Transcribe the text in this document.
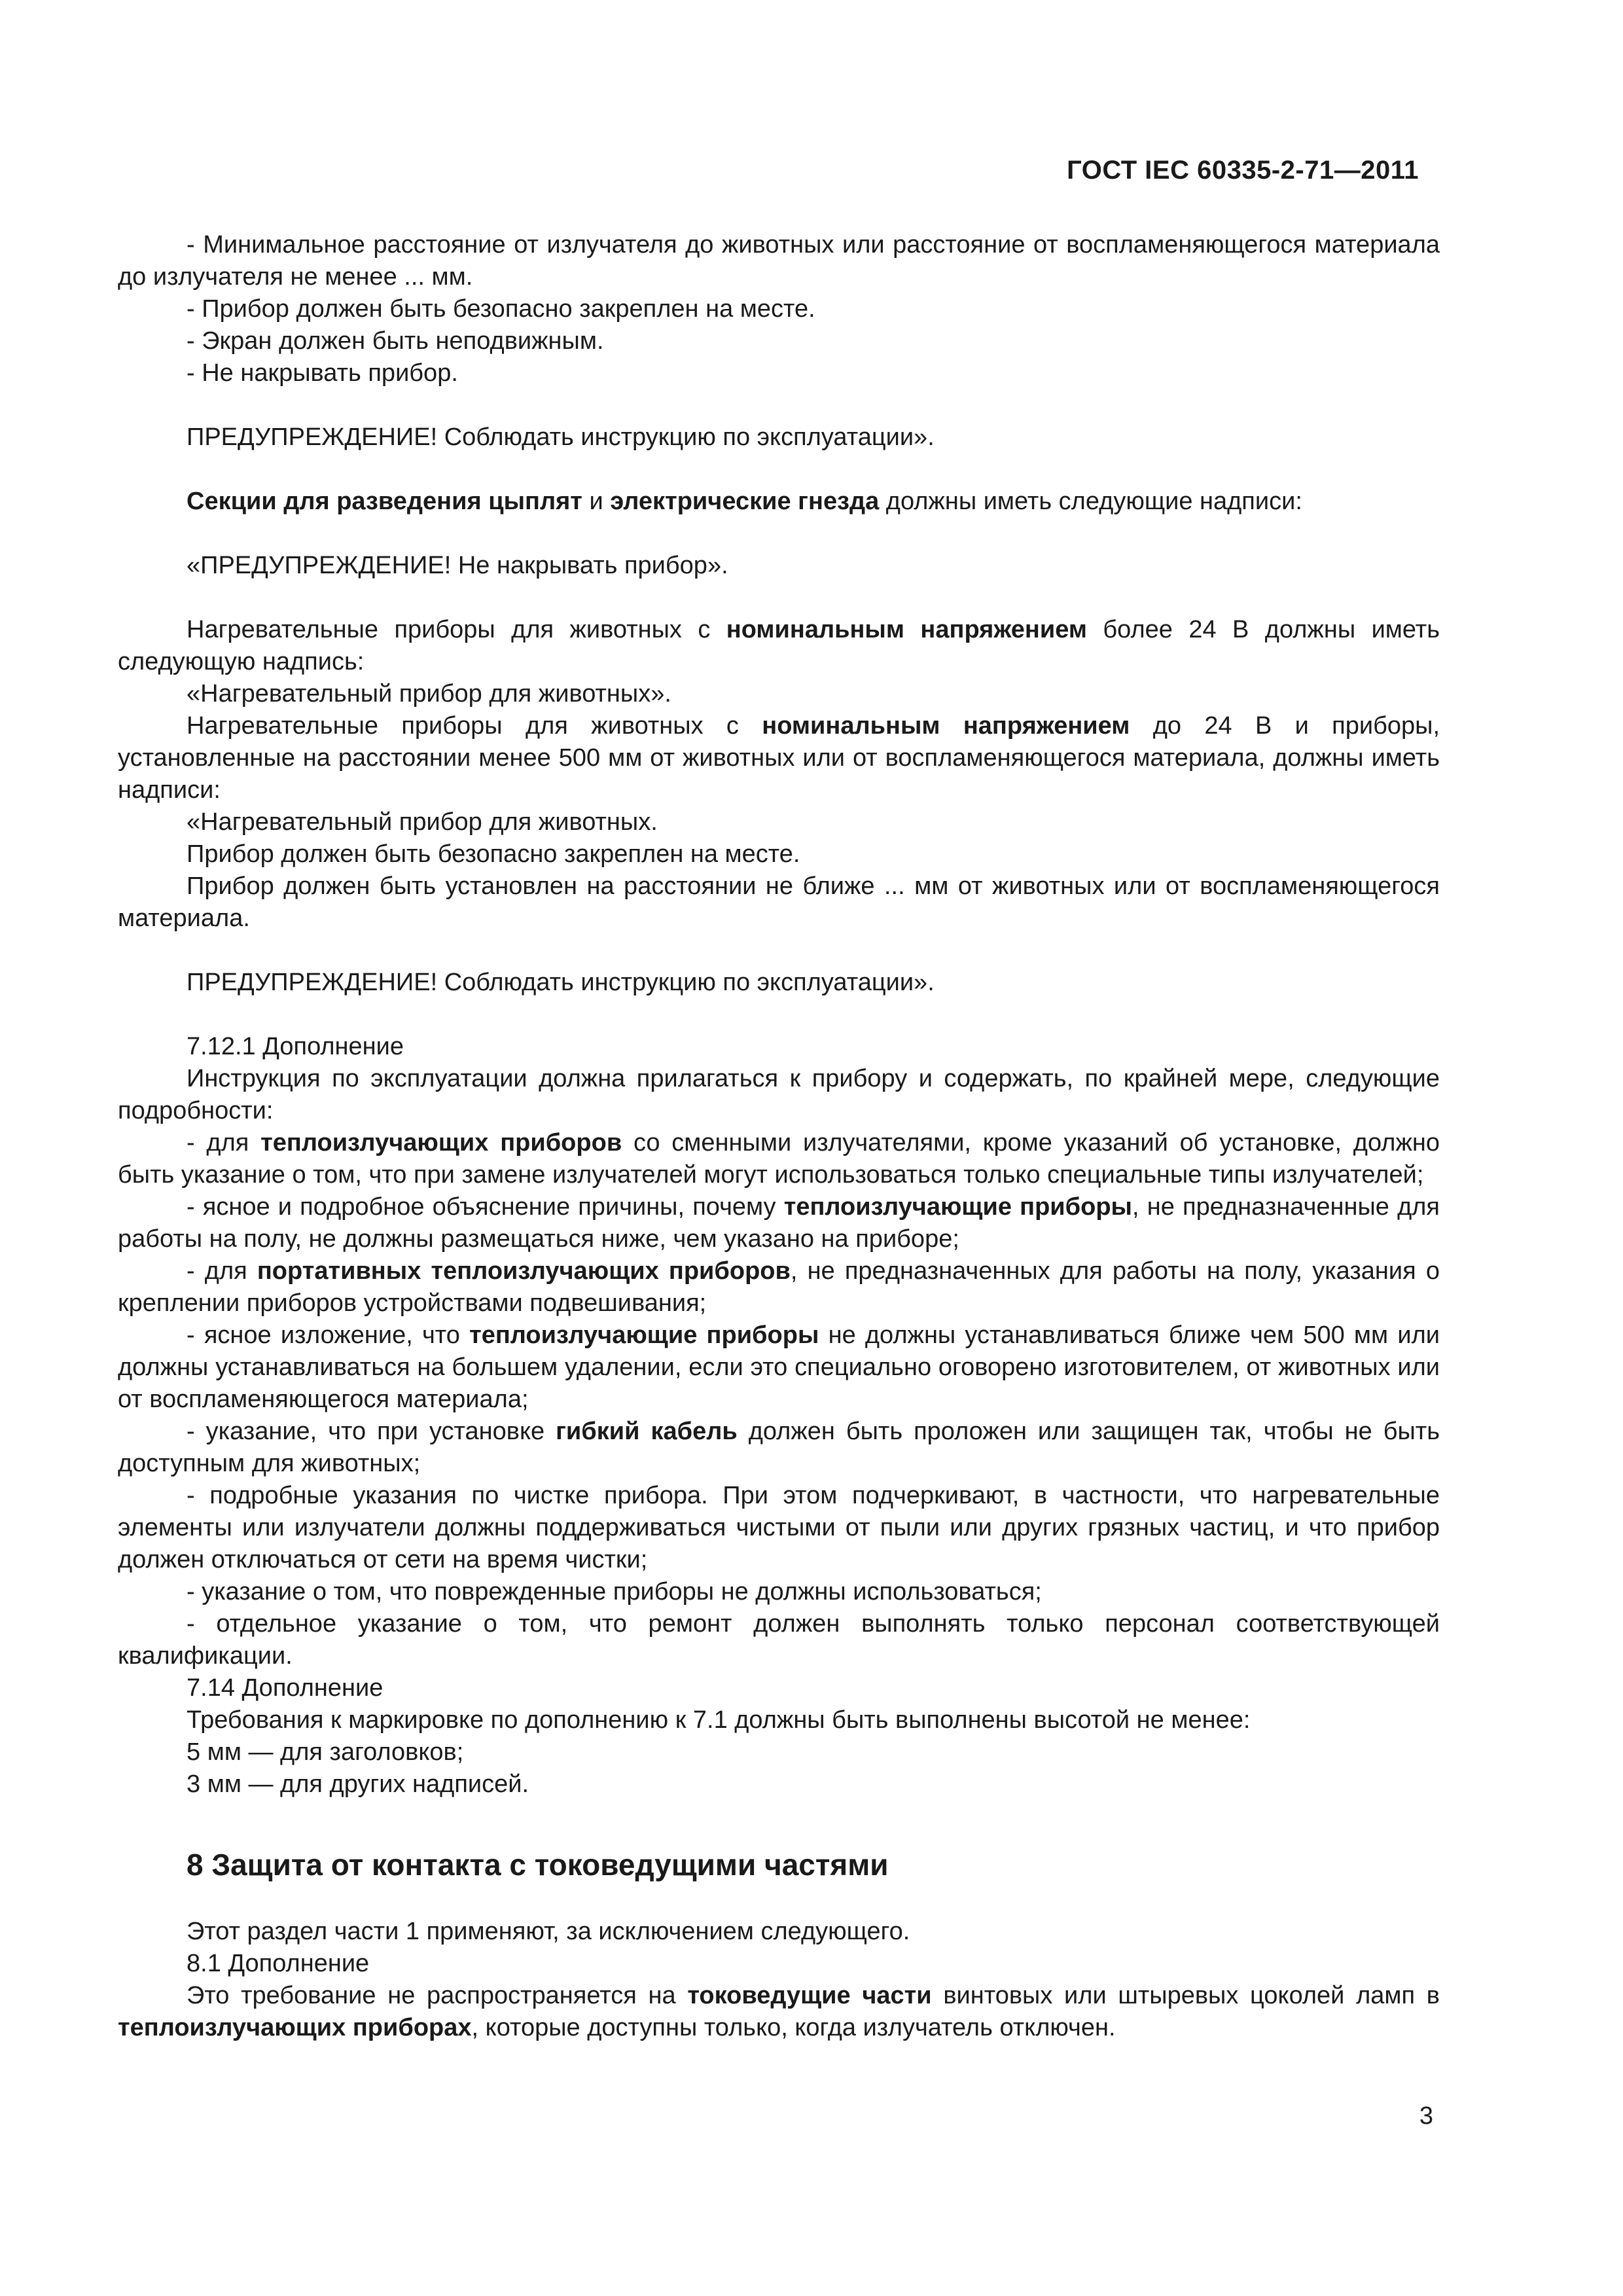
ГОСТ IEC 60335-2-71—2011

- Минимальное расстояние от излучателя до животных или расстояние от воспламеняющегося материала до излучателя не менее ... мм.

- Прибор должен быть безопасно закреплен на месте.

- Экран должен быть неподвижным.

- Не накрывать прибор.

ПРЕДУПРЕЖДЕНИЕ! Соблюдать инструкцию по эксплуатации».

Секции для разведения цыплят и электрические гнезда должны иметь следующие надписи:

«ПРЕДУПРЕЖДЕНИЕ! Не накрывать прибор».

Нагревательные приборы для животных с номинальным напряжением более 24 В должны иметь следующую надпись:

«Нагревательный прибор для животных».

Нагревательные приборы для животных с номинальным напряжением до 24 В и приборы, установленные на расстоянии менее 500 мм от животных или от воспламеняющегося материала, должны иметь надписи:

«Нагревательный прибор для животных.

Прибор должен быть безопасно закреплен на месте.

Прибор должен быть установлен на расстоянии не ближе ... мм от животных или от воспламеняющегося материала.

ПРЕДУПРЕЖДЕНИЕ! Соблюдать инструкцию по эксплуатации».

7.12.1 Дополнение

Инструкция по эксплуатации должна прилагаться к прибору и содержать, по крайней мере, следующие подробности:

- для теплоизлучающих приборов со сменными излучателями, кроме указаний об установке, должно быть указание о том, что при замене излучателей могут использоваться только специальные типы излучателей;

- ясное и подробное объяснение причины, почему теплоизлучающие приборы, не предназначенные для работы на полу, не должны размещаться ниже, чем указано на приборе;

- для портативных теплоизлучающих приборов, не предназначенных для работы на полу, указания о креплении приборов устройствами подвешивания;

- ясное изложение, что теплоизлучающие приборы не должны устанавливаться ближе чем 500 мм или должны устанавливаться на большем удалении, если это специально оговорено изготовителем, от животных или от воспламеняющегося материала;

- указание, что при установке гибкий кабель должен быть проложен или защищен так, чтобы не быть доступным для животных;

- подробные указания по чистке прибора. При этом подчеркивают, в частности, что нагревательные элементы или излучатели должны поддерживаться чистыми от пыли или других грязных частиц, и что прибор должен отключаться от сети на время чистки;

- указание о том, что поврежденные приборы не должны использоваться;

- отдельное указание о том, что ремонт должен выполнять только персонал соответствующей квалификации.

7.14 Дополнение

Требования к маркировке по дополнению к 7.1 должны быть выполнены высотой не менее:

5 мм — для заголовков;

3 мм — для других надписей.

8 Защита от контакта с токоведущими частями

Этот раздел части 1 применяют, за исключением следующего.

8.1 Дополнение

Это требование не распространяется на токоведущие части винтовых или штыревых цоколей ламп в теплоизлучающих приборах, которые доступны только, когда излучатель отключен.

3
